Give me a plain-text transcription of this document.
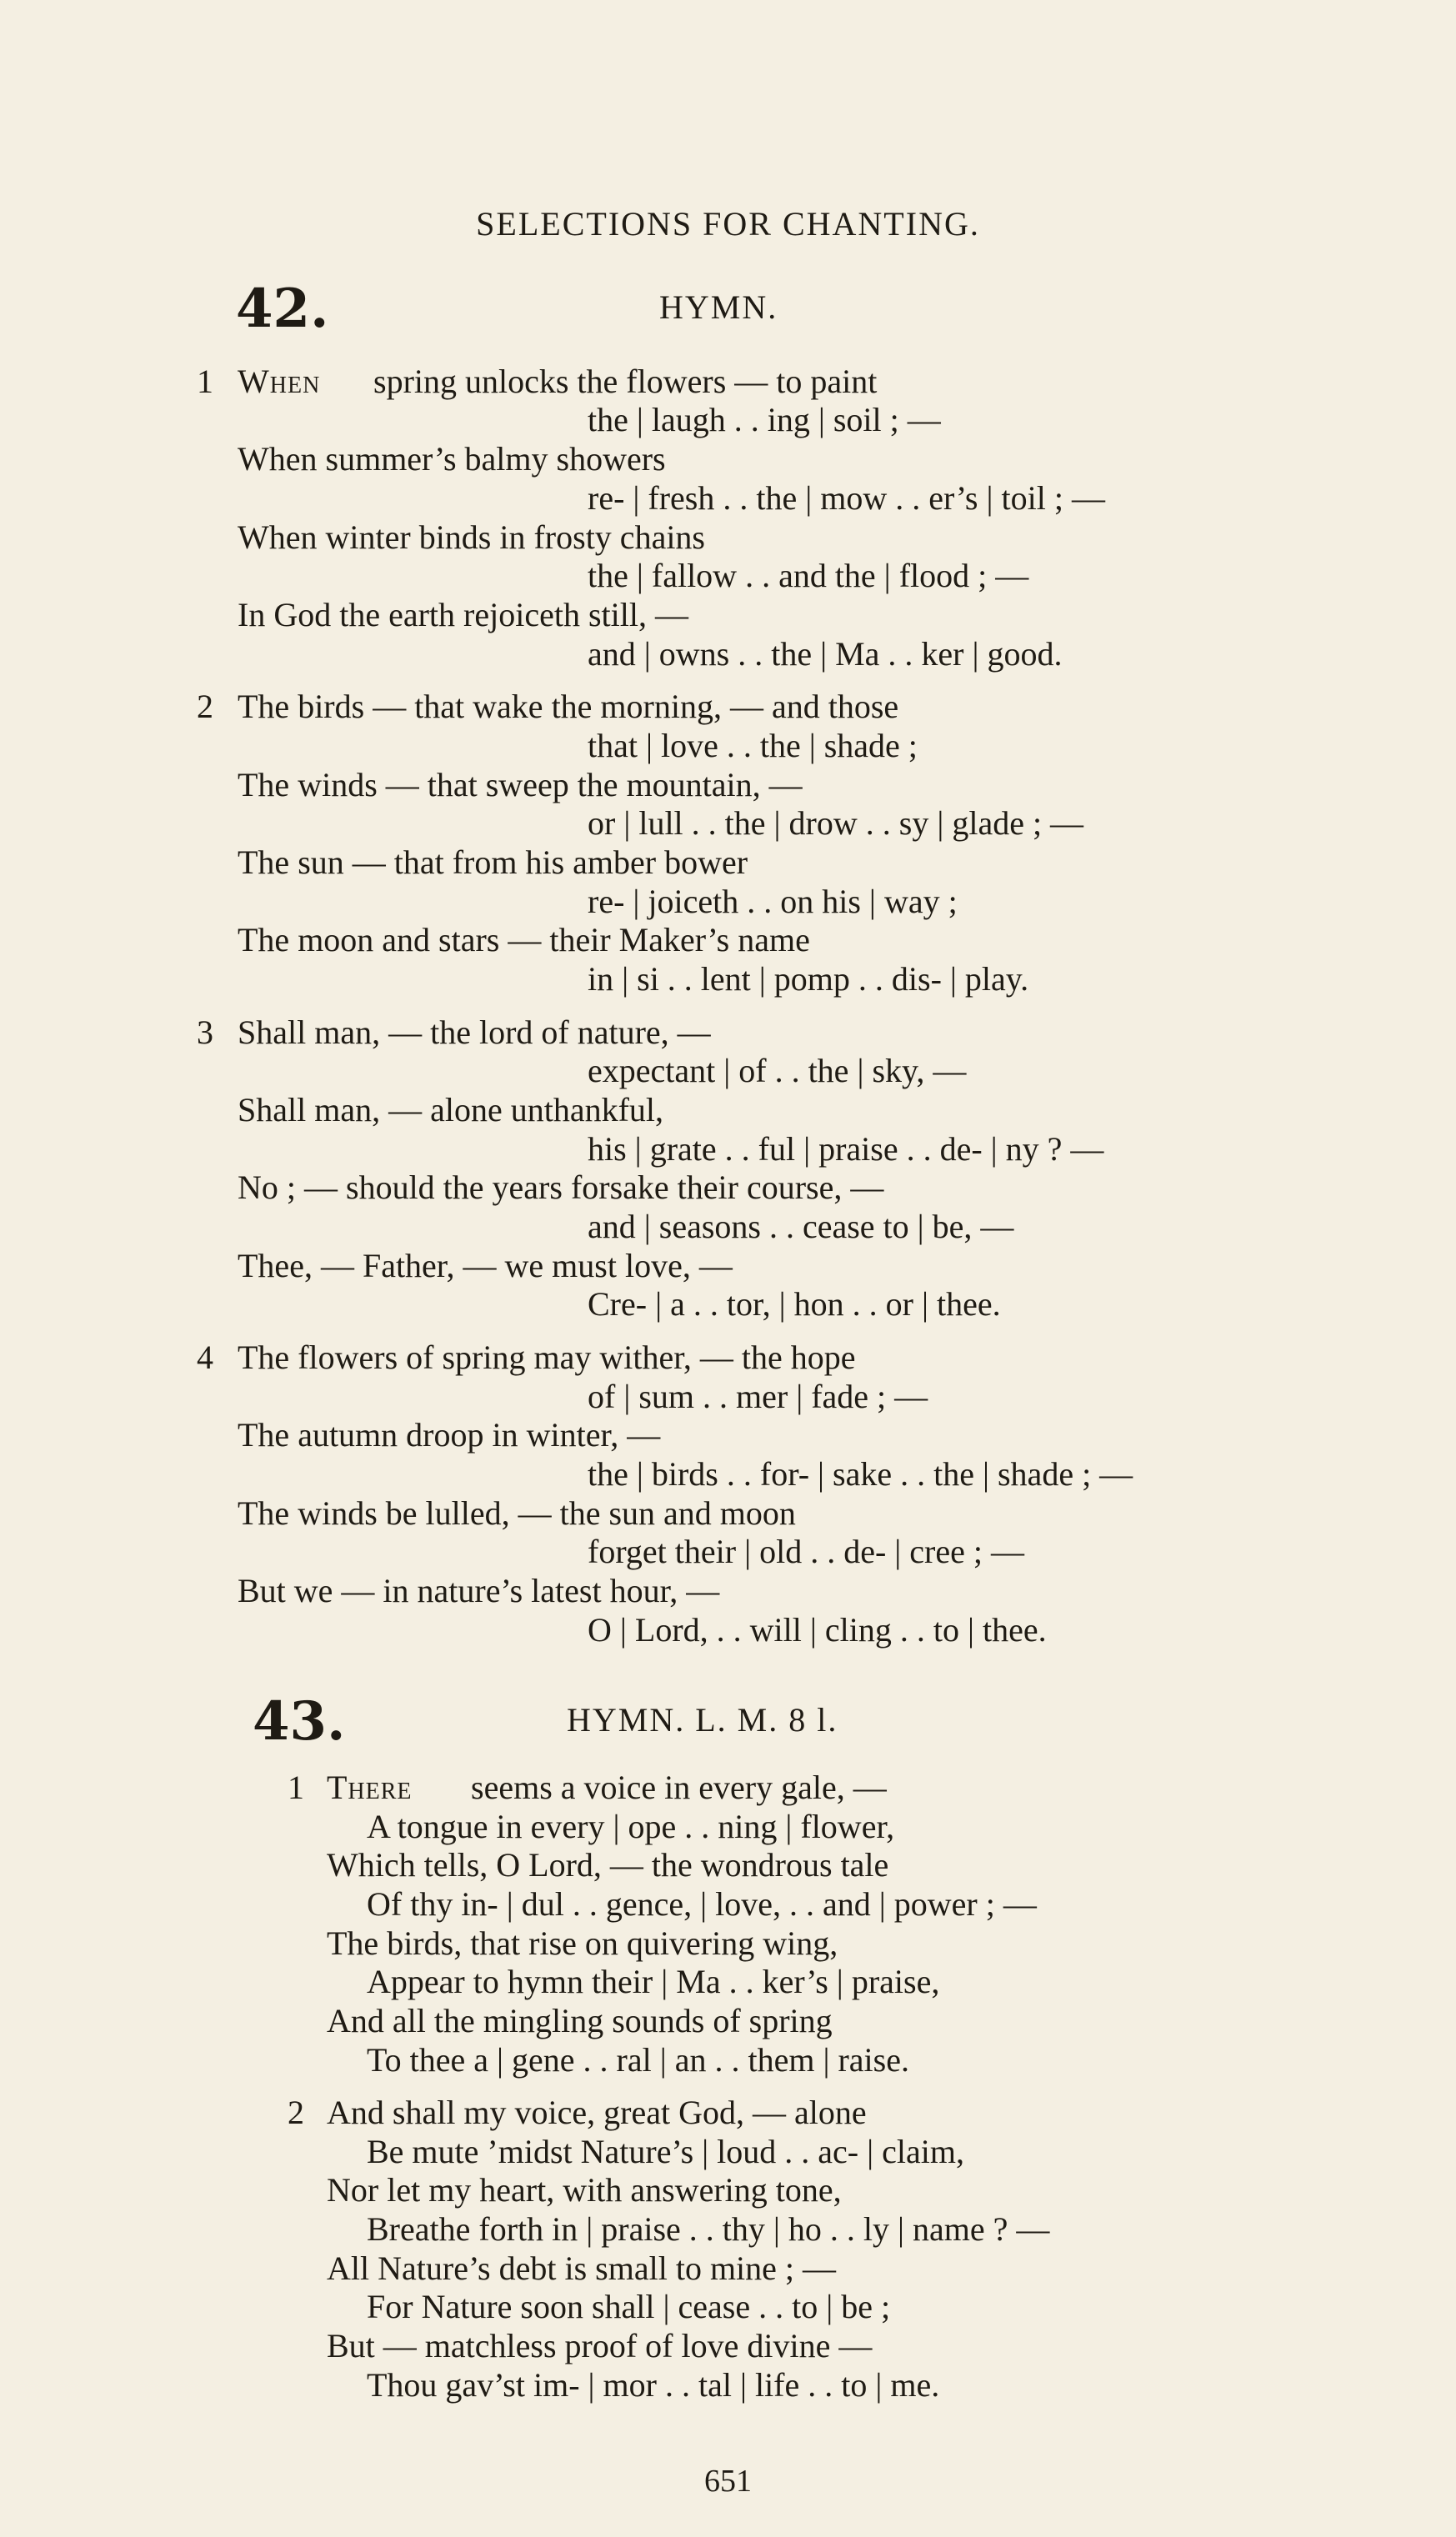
SELECTIONS FOR CHANTING.
42.	HYMN.
1 When spring unlocks the flowers — to paint
the | laugh . . ing | soil ; —
When summer’s balmy showers
re- | fresh . . the | mow . . er’s | toil ; —
When winter binds in frosty chains
the | fallow . . and the | flood ; —
In God the earth rejoiceth still, —
and | owns . . the | Ma . . ker | good.
2 The birds — that wake the morning, — and those
that | love . . the | shade ;
The winds — that sweep the mountain, —
or | lull . . the | drow . . sy | glade ; —
The sun — that from his amber bower
re- | joiceth . . on his | way ;
The moon and stars — their Maker’s name
in | si . . lent | pomp . . dis- | play.
3 Shall man, — the lord of nature, —
expectant | of . . the | sky, —
Shall man, — alone unthankful,
his | grate . . ful | praise . . de- | ny ? —
No ; — should the years forsake their course, —
and | seasons . . cease to | be, —
Thee, — Father, — we must love, —
Cre- | a . . tor, | hon . . or | thee.
4 The flowers of spring may wither, — the hope
of | sum . . mer | fade ; —
The autumn droop in winter, —
the | birds . . for- | sake . . the | shade ; —
The winds be lulled, — the sun and moon
forget their | old . . de- | cree ; —
But we — in nature’s latest hour, —
O | Lord, . . will | cling . . to | thee.
43.	HYMN. L. M. 8 l.
1 There seems a voice in every gale, —
A tongue in every | ope . . ning | flower,
Which tells, O Lord, — the wondrous tale
Of thy in- | dul . . gence, | love, . . and | power ; —
The birds, that rise on quivering wing,
Appear to hymn their | Ma . . ker’s | praise,
And all the mingling sounds of spring
To thee a | gene . . ral | an . . them | raise.
2 And shall my voice, great God, — alone
Be mute ’midst Nature’s | loud . . ac- | claim,
Nor let my heart, with answering tone,
Breathe forth in | praise . . thy | ho . . ly | name ? —
All Nature’s debt is small to mine ; —
For Nature soon shall | cease . . to | be ;
But — matchless proof of love divine —
Thou gav’st im- | mor . . tal | life . . to | me.
651
